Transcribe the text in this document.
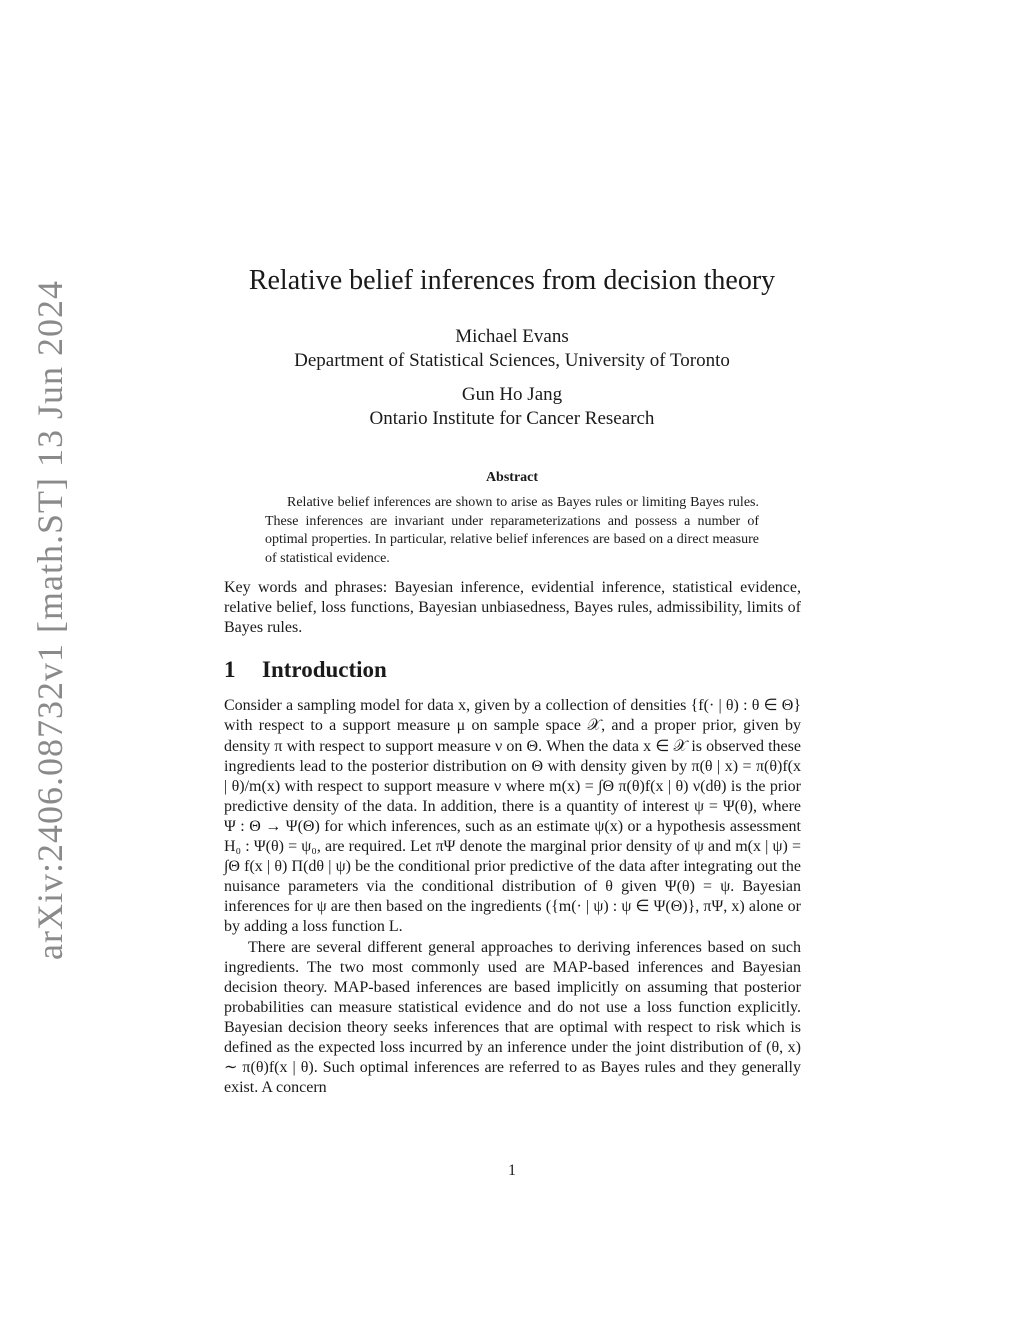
arXiv:2406.08732v1 [math.ST] 13 Jun 2024	Relative belief inferences from decision theory
Michael Evans
Department of Statistical Sciences, University of Toronto
Gun Ho Jang
Ontario Institute for Cancer Research

Abstract

Relative belief inferences are shown to arise as Bayes rules or limiting Bayes rules. These inferences are invariant under reparameterizations and possess a number of optimal properties. In particular, relative belief inferences are based on a direct measure of statistical evidence.

Key words and phrases: Bayesian inference, evidential inference, statistical evidence, relative belief, loss functions, Bayesian unbiasedness, Bayes rules, admissibility, limits of Bayes rules.

1 Introduction

Consider a sampling model for data x, given by a collection of densities {f(· | θ) : θ ∈ Θ} with respect to a support measure μ on sample space 𝒳, and a proper prior, given by density π with respect to support measure ν on Θ. When the data x ∈ 𝒳 is observed these ingredients lead to the posterior distribution on Θ with density given by π(θ | x) = π(θ)f(x | θ)/m(x) with respect to support measure ν where m(x) = ∫Θ π(θ)f(x | θ) ν(dθ) is the prior predictive density of the data. In addition, there is a quantity of interest ψ = Ψ(θ), where Ψ : Θ → Ψ(Θ) for which inferences, such as an estimate ψ(x) or a hypothesis assessment H₀ : Ψ(θ) = ψ₀, are required. Let πΨ denote the marginal prior density of ψ and m(x | ψ) = ∫Θ f(x | θ) Π(dθ | ψ) be the conditional prior predictive of the data after integrating out the nuisance parameters via the conditional distribution of θ given Ψ(θ) = ψ. Bayesian inferences for ψ are then based on the ingredients ({m(· | ψ) : ψ ∈ Ψ(Θ)}, πΨ, x) alone or by adding a loss function L.

There are several different general approaches to deriving inferences based on such ingredients. The two most commonly used are MAP-based inferences and Bayesian decision theory. MAP-based inferences are based implicitly on assuming that posterior probabilities can measure statistical evidence and do not use a loss function explicitly. Bayesian decision theory seeks inferences that are optimal with respect to risk which is defined as the expected loss incurred by an inference under the joint distribution of (θ, x) ∼ π(θ)f(x | θ). Such optimal inferences are referred to as Bayes rules and they generally exist. A concern

1
